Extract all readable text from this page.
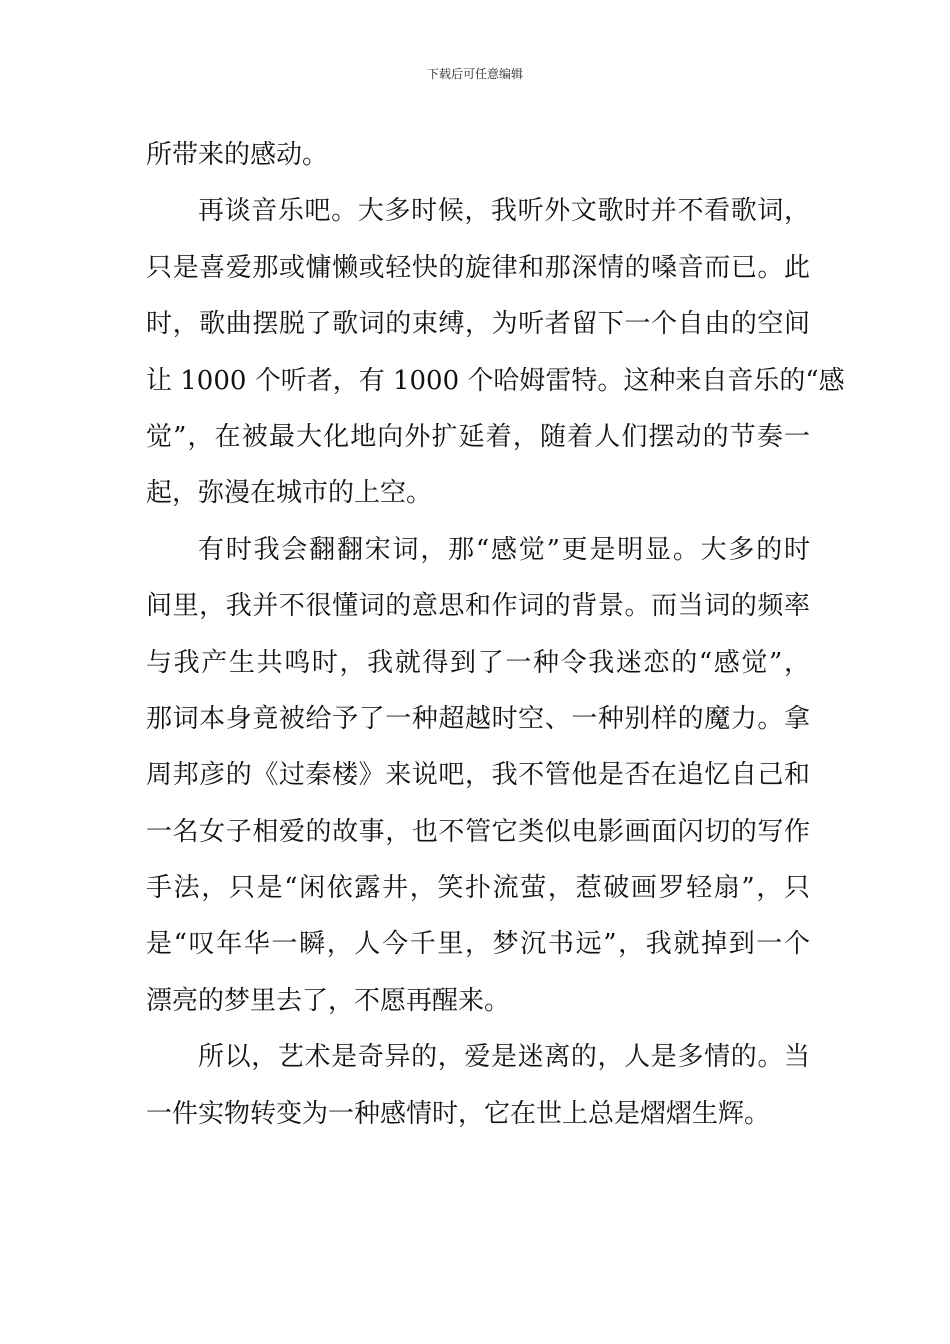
下载后可任意编辑
所带来的感动。
再谈音乐吧。大多时候，我听外文歌时并不看歌词，
只是喜爱那或慵懒或轻快的旋律和那深情的嗓音而已。此
时，歌曲摆脱了歌词的束缚，为听者留下一个自由的空间
让 1000 个听者，有 1000 个哈姆雷特。这种来自音乐的“感
觉”，在被最大化地向外扩延着，随着人们摆动的节奏一
起，弥漫在城市的上空。
有时我会翻翻宋词，那“感觉”更是明显。大多的时
间里，我并不很懂词的意思和作词的背景。而当词的频率
与我产生共鸣时，我就得到了一种令我迷恋的“感觉”，
那词本身竟被给予了一种超越时空、一种别样的魔力。拿
周邦彦的《过秦楼》来说吧，我不管他是否在追忆自己和
一名女子相爱的故事，也不管它类似电影画面闪切的写作
手法，只是“闲依露井，笑扑流萤，惹破画罗轻扇”，只
是“叹年华一瞬，人今千里，梦沉书远”，我就掉到一个
漂亮的梦里去了，不愿再醒来。
所以，艺术是奇异的，爱是迷离的，人是多情的。当
一件实物转变为一种感情时，它在世上总是熠熠生辉。
